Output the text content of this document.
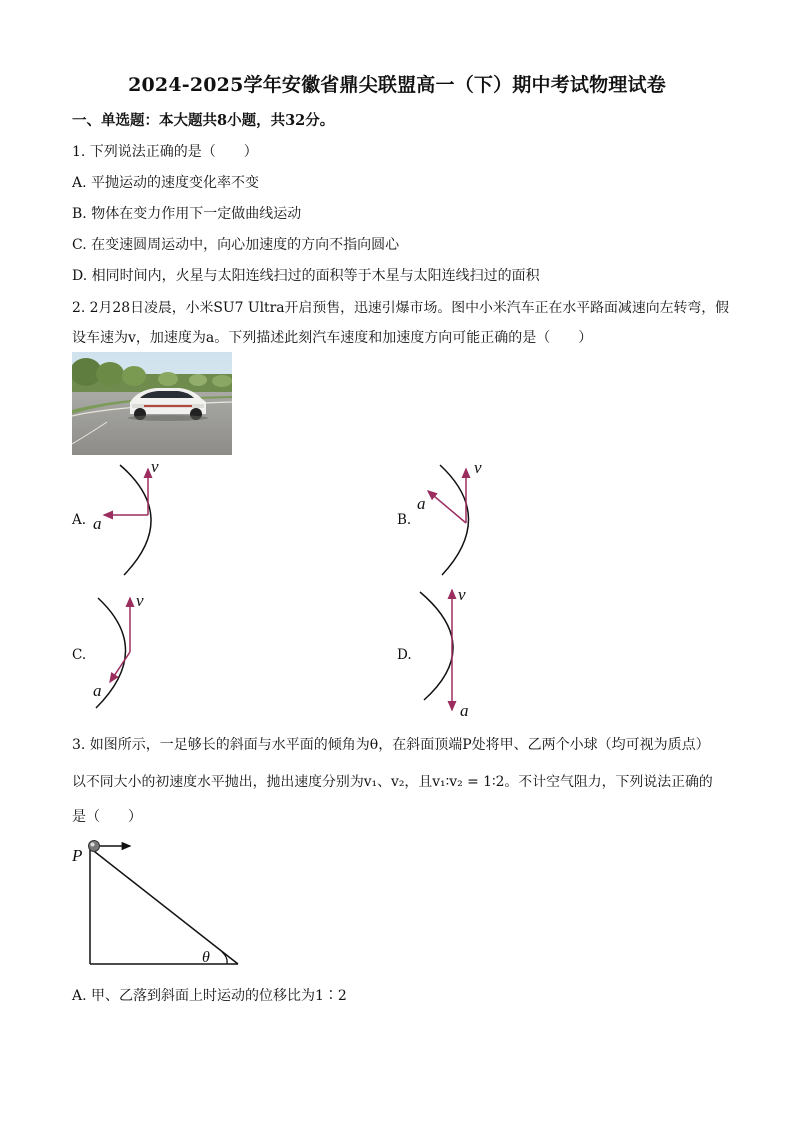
2024-2025学年安徽省鼎尖联盟高一（下）期中考试物理试卷
一、单选题：本大题共8小题，共32分。
1. 下列说法正确的是（　　）
A. 平抛运动的速度变化率不变
B. 物体在变力作用下一定做曲线运动
C. 在变速圆周运动中，向心加速度的方向不指向圆心
D. 相同时间内，火星与太阳连线扫过的面积等于木星与太阳连线扫过的面积
2. 2月28日凌晨，小米SU7 Ultra开启预售，迅速引爆市场。图中小米汽车正在水平路面减速向左转弯，假
设车速为v，加速度为a。下列描述此刻汽车速度和加速度方向可能正确的是（　　）
A.
v
a	B.
v
a
C.
v
a
D.
v
a
3. 如图所示，一足够长的斜面与水平面的倾角为θ，在斜面顶端P处将甲、乙两个小球（均可视为质点）
以不同大小的初速度水平抛出，抛出速度分别为v₁、v₂，且v₁∶v₂ = 1∶2。不计空气阻力，下列说法正确的
是（　　）
P
θ
A. 甲、乙落到斜面上时运动的位移比为1∶2
